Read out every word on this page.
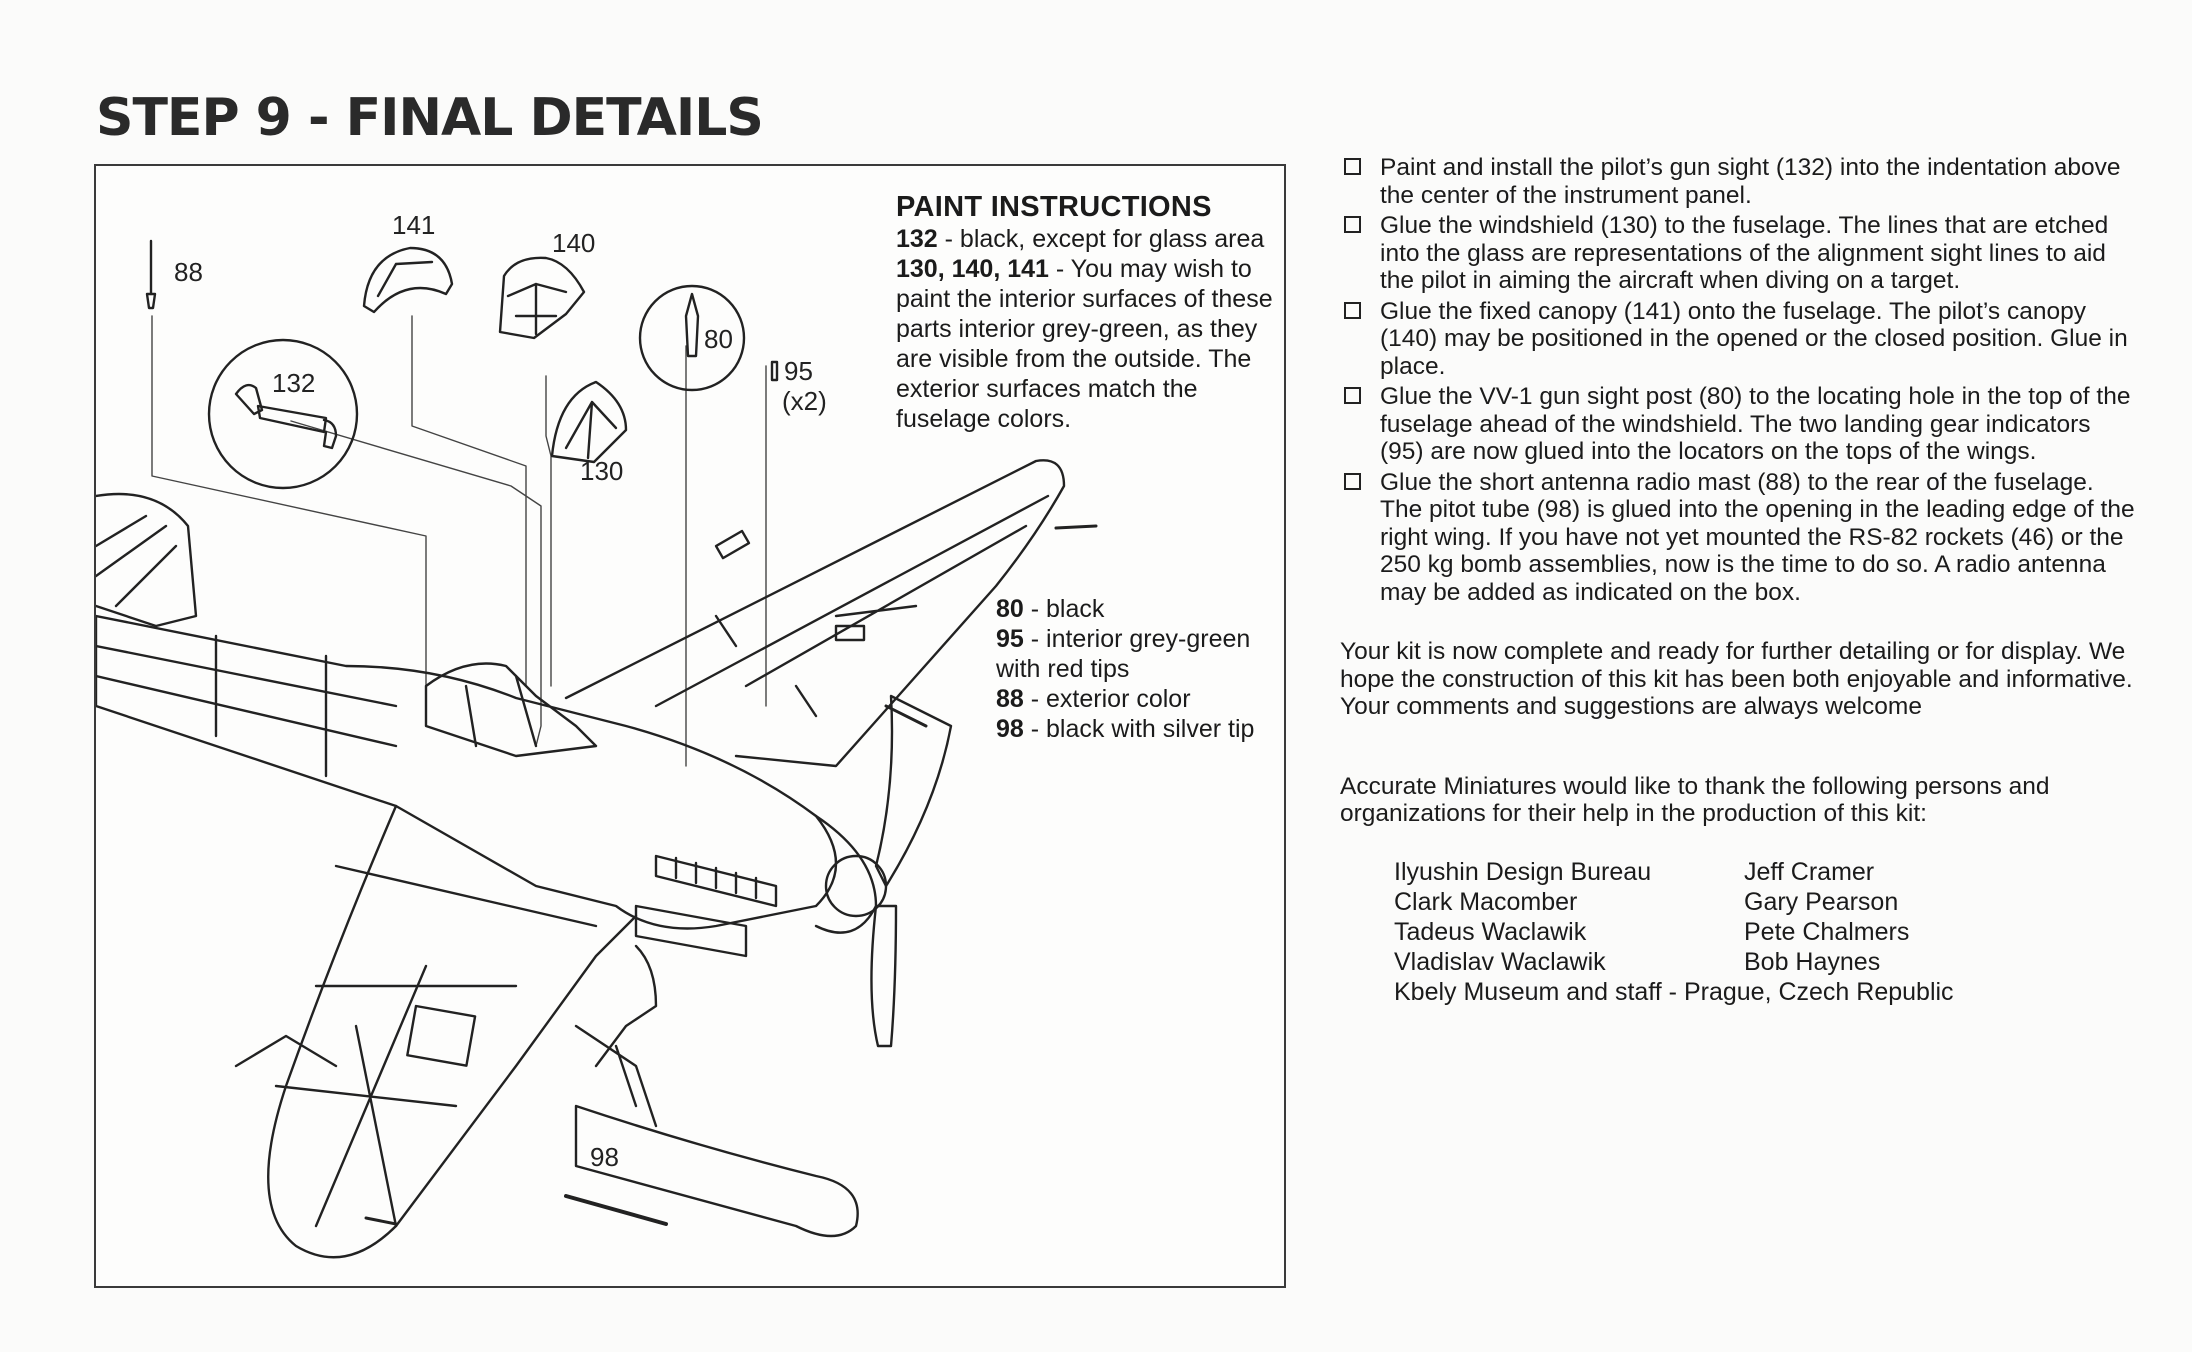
STEP 9 - FINAL DETAILS
88
141
140
132
80
95
(x2)
130
98
PAINT INSTRUCTIONS

132 - black, except for glass area

130, 140, 141 - You may wish to paint the interior surfaces of these parts interior grey-green, as they are visible from the outside. The exterior surfaces match the fuselage colors.

80 - black

95 - interior grey-green with red tips

88 - exterior color

98 - black with silver tip

Paint and install the pilot’s gun sight (132) into the indentation above the center of the instrument panel.
Glue the windshield (130) to the fuselage. The lines that are etched into the glass are representations of the alignment sight lines to aid the pilot in aiming the aircraft when diving on a target.
Glue the fixed canopy (141) onto the fuselage. The pilot’s canopy (140) may be positioned in the opened or the closed position. Glue in place.
Glue the VV-1 gun sight post (80) to the locating hole in the top of the fuselage ahead of the windshield. The two landing gear indicators (95) are now glued into the locators on the tops of the wings.
Glue the short antenna radio mast (88) to the rear of the fuselage. The pitot tube (98) is glued into the opening in the leading edge of the right wing. If you have not yet mounted the RS-82 rockets (46) or the 250 kg bomb assemblies, now is the time to do so. A radio antenna may be added as indicated on the box.

Your kit is now complete and ready for further detailing or for display. We hope the construction of this kit has been both enjoyable and informative. Your comments and suggestions are always welcome

Accurate Miniatures would like to thank the following persons and organizations for their help in the production of this kit:

Ilyushin Design Bureau	Jeff Cramer
Clark Macomber	Gary Pearson
Tadeus Waclawik	Pete Chalmers
Vladislav Waclawik	Bob Haynes
Kbely Museum and staff - Prague, Czech Republic
